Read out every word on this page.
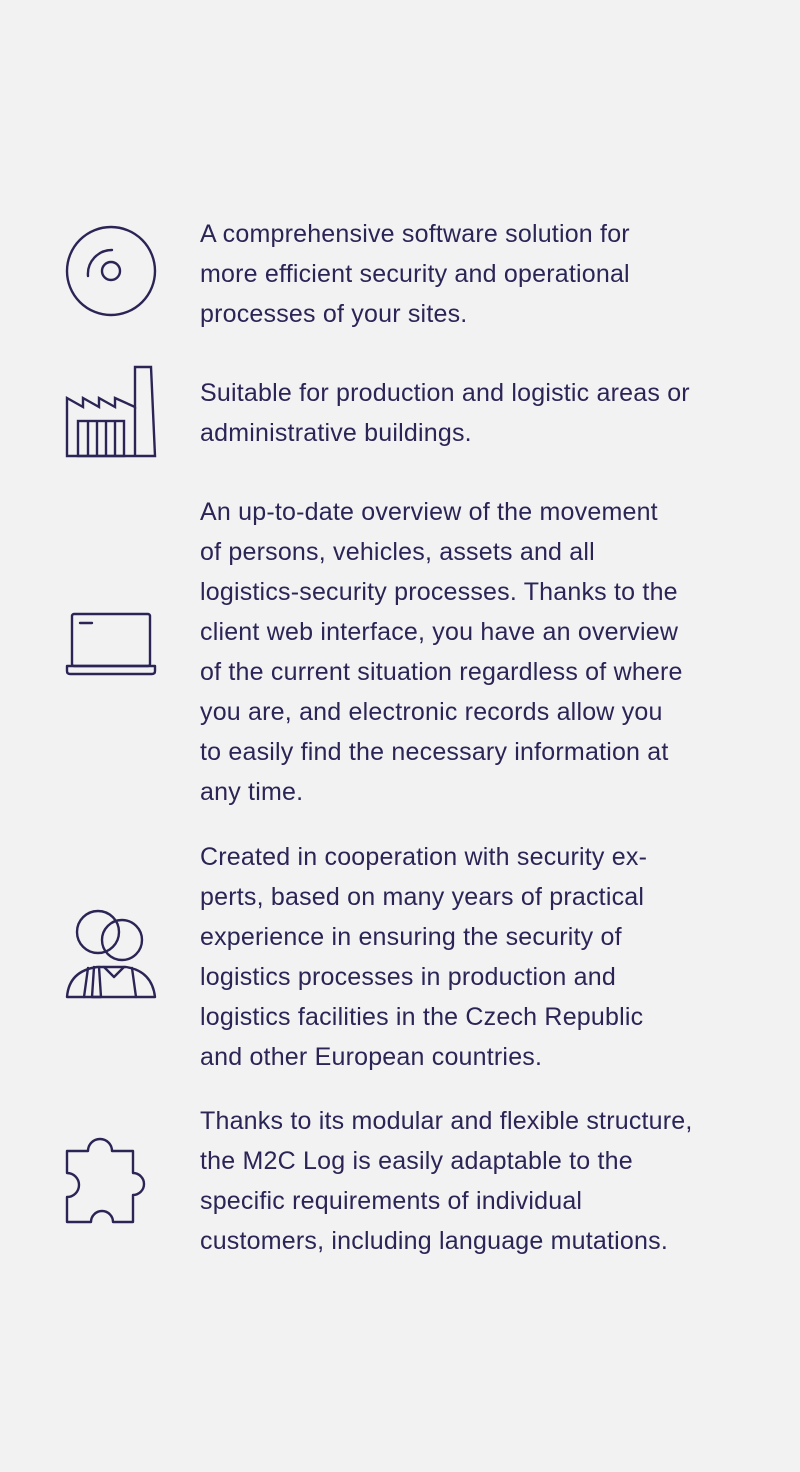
A comprehensive software solution for
more efficient security and operational
processes of your sites.

Suitable for production and logistic areas or
administrative buildings.

An up-to-date overview of the movement
of persons, vehicles, assets and all
logistics-security processes. Thanks to the
client web interface, you have an overview
of the current situation regardless of where
you are, and electronic records allow you
to easily find the necessary information at
any time.

Created in cooperation with security ex-
perts, based on many years of practical
experience in ensuring the security of
logistics processes in production and
logistics facilities in the Czech Republic
and other European countries.

Thanks to its modular and flexible structure,
the M2C Log is easily adaptable to the
specific requirements of individual
customers, including language mutations.
